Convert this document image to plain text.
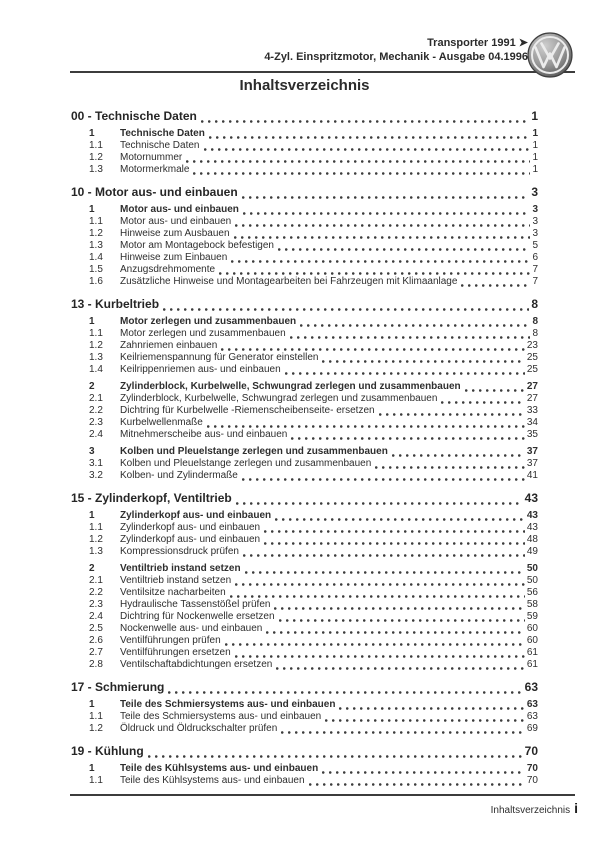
Transporter 1991 ➤
4-Zyl. Einspritzmotor, Mechanik - Ausgabe 04.1996
Inhaltsverzeichnis
00 - Technische Daten	1
1	Technische Daten	1
1.1	Technische Daten	1
1.2	Motornummer	1
1.3	Motormerkmale	1
10 - Motor aus- und einbauen	3
1	Motor aus- und einbauen	3
1.1	Motor aus- und einbauen	3
1.2	Hinweise zum Ausbauen	3
1.3	Motor am Montagebock befestigen	5
1.4	Hinweise zum Einbauen	6
1.5	Anzugsdrehmomente	7
1.6	Zusätzliche Hinweise und Montagearbeiten bei Fahrzeugen mit Klimaanlage	7
13 - Kurbeltrieb	8
1	Motor zerlegen und zusammenbauen	8
1.1	Motor zerlegen und zusammenbauen	8
1.2	Zahnriemen einbauen	23
1.3	Keilriemenspannung für Generator einstellen	25
1.4	Keilrippenriemen aus- und einbauen	25
2	Zylinderblock, Kurbelwelle, Schwungrad zerlegen und zusammenbauen	27
2.1	Zylinderblock, Kurbelwelle, Schwungrad zerlegen und zusammenbauen	27
2.2	Dichtring für Kurbelwelle -Riemenscheibenseite- ersetzen	33
2.3	Kurbelwellenmaße	34
2.4	Mitnehmerscheibe aus- und einbauen	35
3	Kolben und Pleuelstange zerlegen und zusammenbauen	37
3.1	Kolben und Pleuelstange zerlegen und zusammenbauen	37
3.2	Kolben- und Zylindermaße	41
15 - Zylinderkopf, Ventiltrieb	43
1	Zylinderkopf aus- und einbauen	43
1.1	Zylinderkopf aus- und einbauen	43
1.2	Zylinderkopf aus- und einbauen	48
1.3	Kompressionsdruck prüfen	49
2	Ventiltrieb instand setzen	50
2.1	Ventiltrieb instand setzen	50
2.2	Ventilsitze nacharbeiten	56
2.3	Hydraulische Tassenstößel prüfen	58
2.4	Dichtring für Nockenwelle ersetzen	59
2.5	Nockenwelle aus- und einbauen	60
2.6	Ventilführungen prüfen	60
2.7	Ventilführungen ersetzen	61
2.8	Ventilschaftabdichtungen ersetzen	61
17 - Schmierung	63
1	Teile des Schmiersystems aus- und einbauen	63
1.1	Teile des Schmiersystems aus- und einbauen	63
1.2	Öldruck und Öldruckschalter prüfen	69
19 - Kühlung	70
1	Teile des Kühlsystems aus- und einbauen	70
1.1	Teile des Kühlsystems aus- und einbauen	70
Inhaltsverzeichnis i
